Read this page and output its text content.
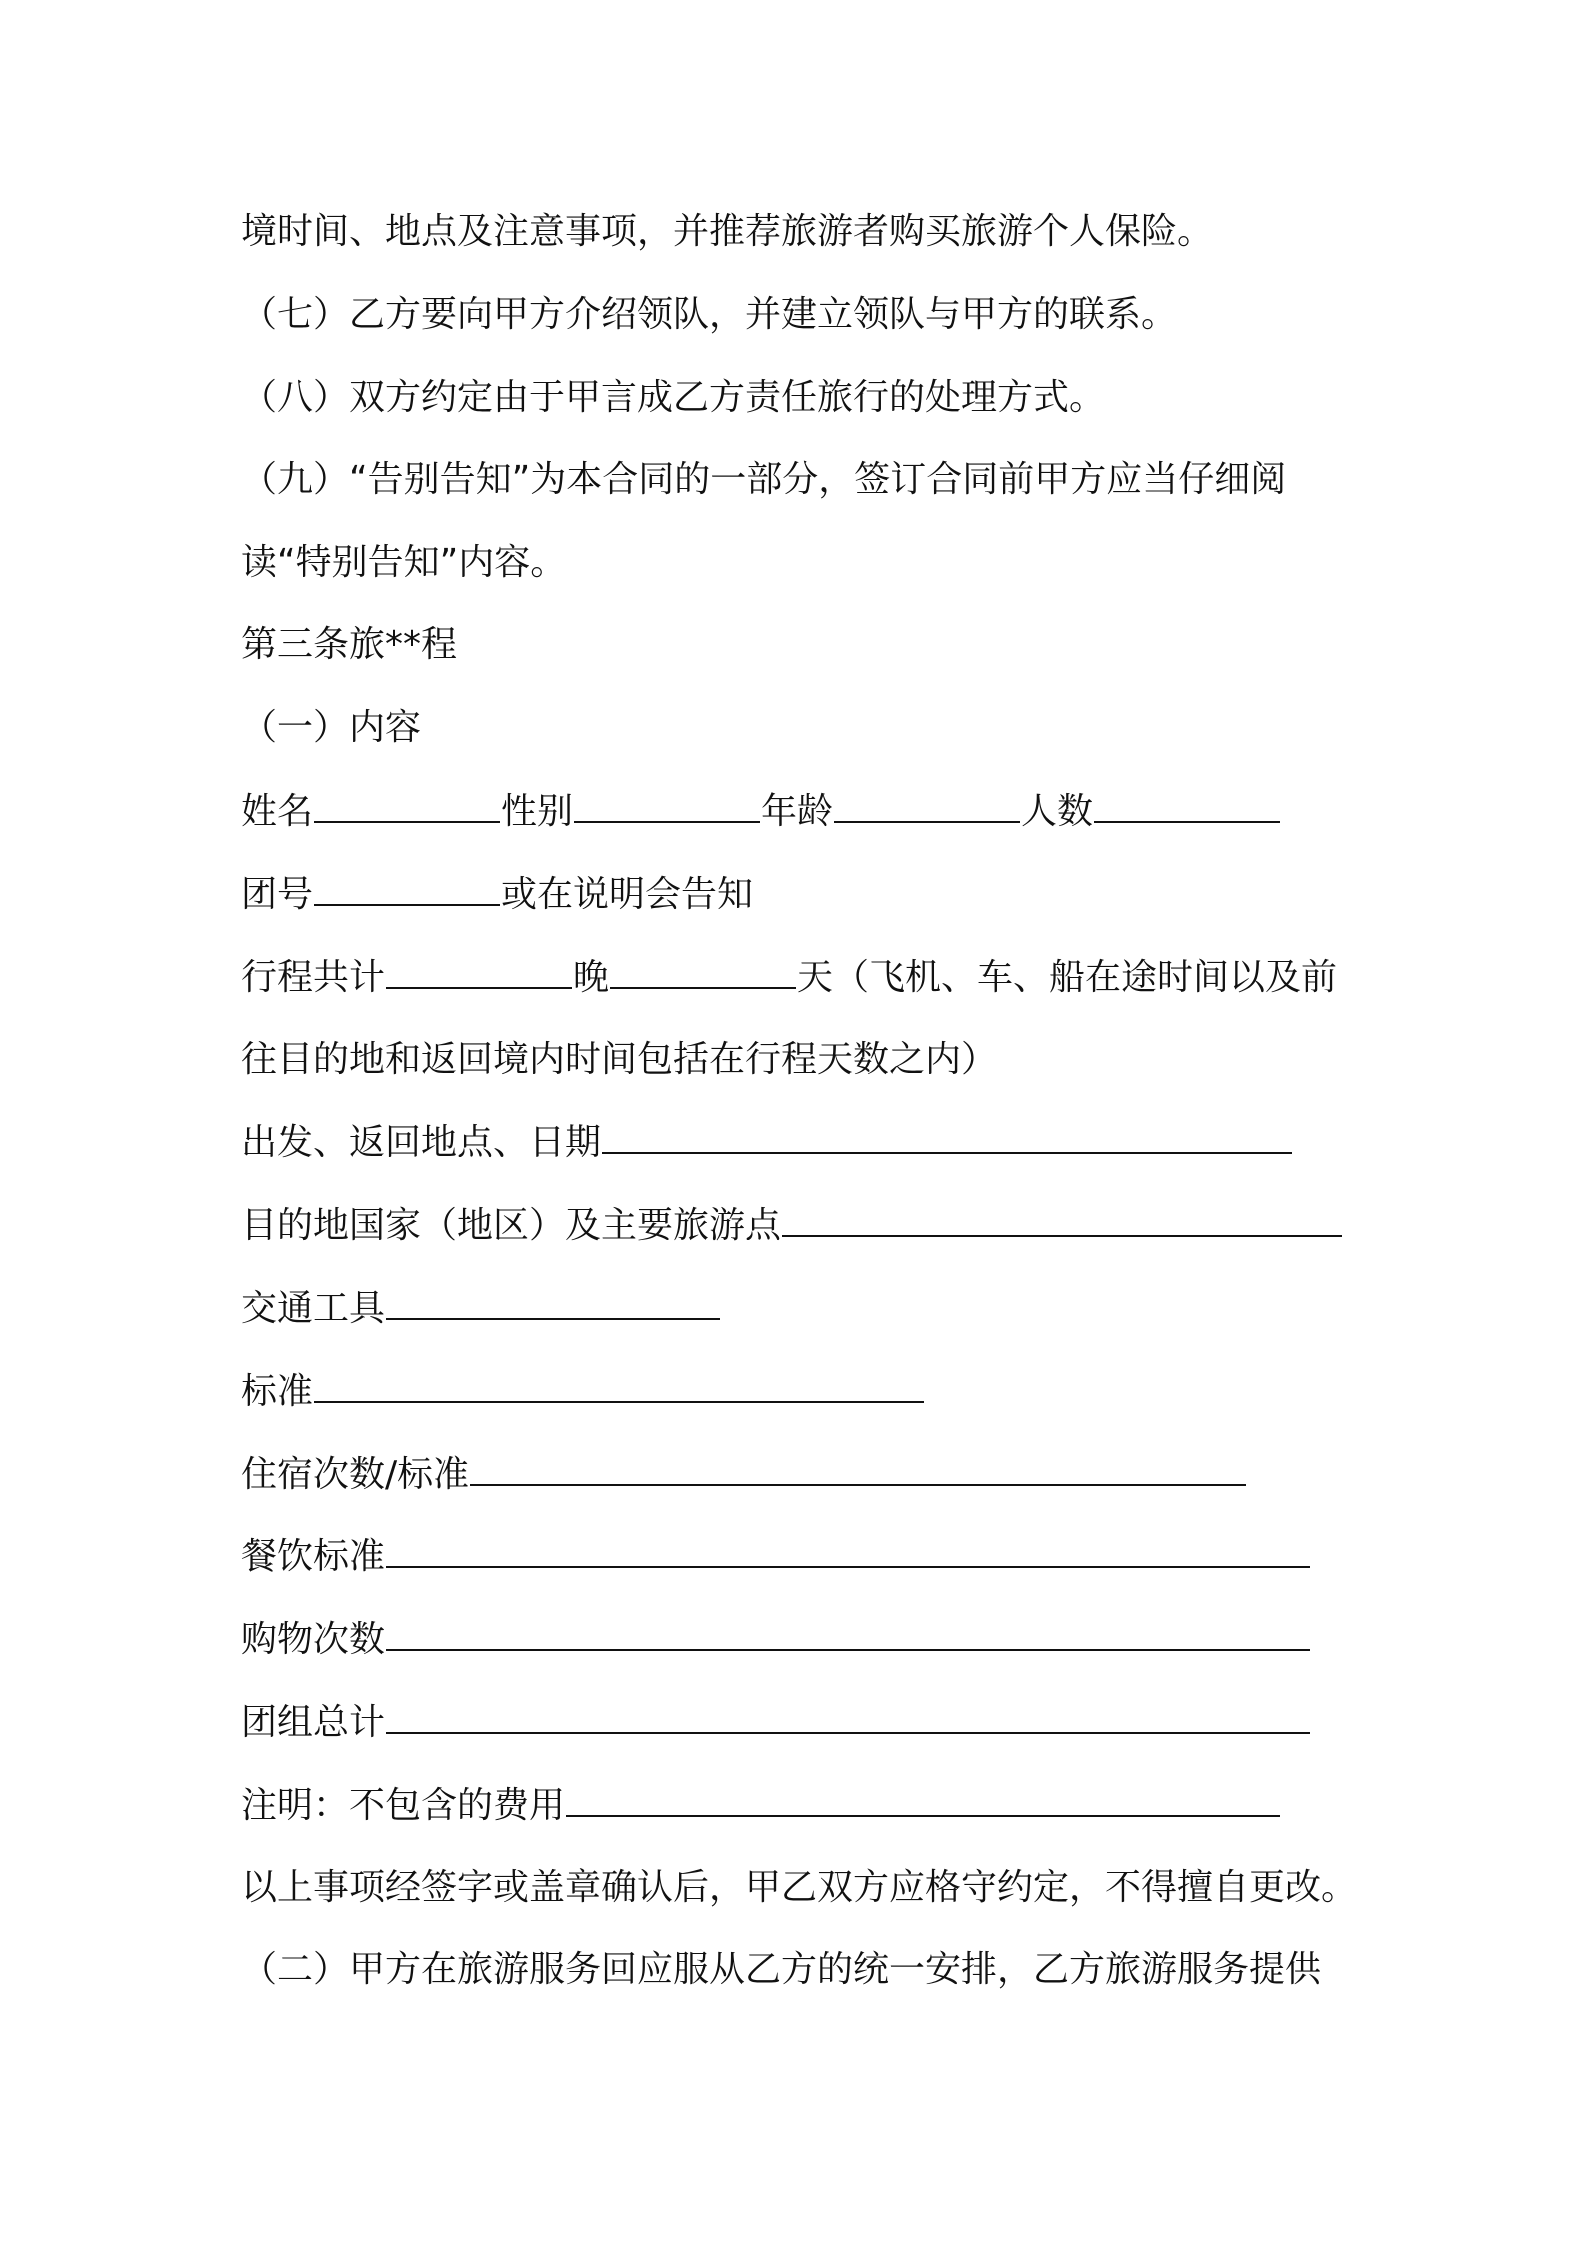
境时间、地点及注意事项，并推荐旅游者购买旅游个人保险。
（七）乙方要向甲方介绍领队，并建立领队与甲方的联系。
（八）双方约定由于甲言成乙方责任旅行的处理方式。
（九）“告别告知”为本合同的一部分，签订合同前甲方应当仔细阅
读“特别告知”内容。
第三条旅**程
（一）内容
姓名	性别	年龄	人数
团号	或在说明会告知
行程共计	晚	天（飞机、车、船在途时间以及前
往目的地和返回境内时间包括在行程天数之内）
出发、返回地点、日期
目的地国家（地区）及主要旅游点
交通工具
标准
住宿次数/标准
餐饮标准
购物次数
团组总计
注明：不包含的费用
以上事项经签字或盖章确认后，甲乙双方应格守约定，不得擅自更改。
（二）甲方在旅游服务回应服从乙方的统一安排，乙方旅游服务提供
